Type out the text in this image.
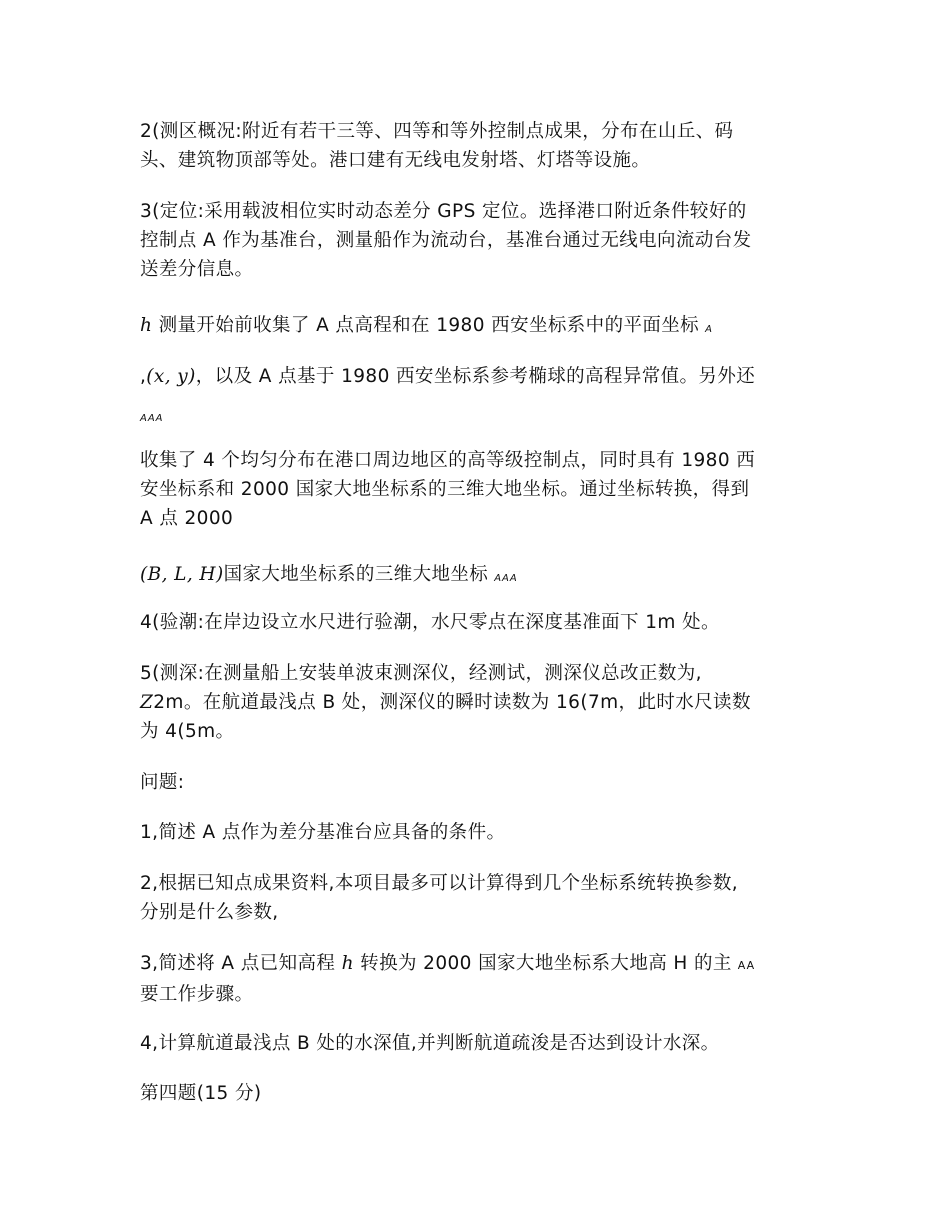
2(测区概况:附近有若干三等、四等和等外控制点成果，分布在山丘、码
头、建筑物顶部等处。港口建有无线电发射塔、灯塔等设施。
3(定位:采用载波相位实时动态差分 GPS 定位。选择港口附近条件较好的
控制点 A 作为基准台，测量船作为流动台，基准台通过无线电向流动台发
送差分信息。
h 测量开始前收集了 A 点高程和在 1980 西安坐标系中的平面坐标 A
,(x, y)，以及 A 点基于 1980 西安坐标系参考椭球的高程异常值。另外还
AAA
收集了 4 个均匀分布在港口周边地区的高等级控制点，同时具有 1980 西
安坐标系和 2000 国家大地坐标系的三维大地坐标。通过坐标转换，得到
A 点 2000
(B, L, H)国家大地坐标系的三维大地坐标 AAA
4(验潮:在岸边设立水尺进行验潮，水尺零点在深度基准面下 1m 处。
5(测深:在测量船上安装单波束测深仪，经测试，测深仪总改正数为,
Z2m。在航道最浅点 B 处，测深仪的瞬时读数为 16(7m，此时水尺读数
为 4(5m。
问题:
1,简述 A 点作为差分基准台应具备的条件。
2,根据已知点成果资料,本项目最多可以计算得到几个坐标系统转换参数,
分别是什么参数,
3,简述将 A 点已知高程 h 转换为 2000 国家大地坐标系大地高 H 的主 AA
要工作步骤。
4,计算航道最浅点 B 处的水深值,并判断航道疏浚是否达到设计水深。
第四题(15 分)
